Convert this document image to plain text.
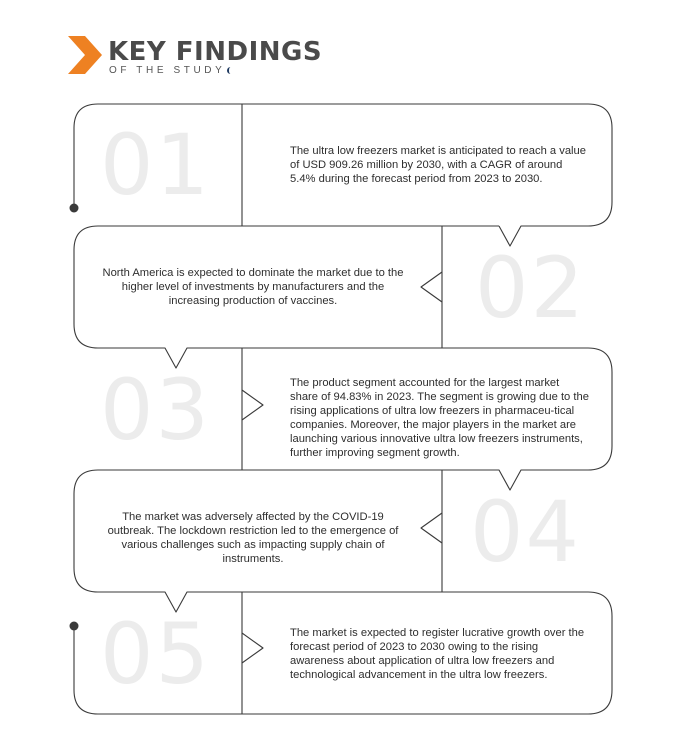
KEY FINDINGS
OF THE STUDY
01	The ultra low freezers market is anticipated to reach a value of USD 909.26 million by 2030, with a CAGR of around 5.4% during the forecast period from 2023 to 2030.
02
North America is expected to dominate the market due to the higher level of investments by manufacturers and the increasing production of vaccines.
03	The product segment accounted for the largest market share of 94.83% in 2023. The segment is growing due to the rising applications of ultra low freezers in pharmaceu-tical companies. Moreover, the major players in the market are launching various innovative ultra low freezers instruments, further improving segment growth.
04
The market was adversely affected by the COVID-19 outbreak. The lockdown restriction led to the emergence of various challenges such as impacting supply chain of instruments.
05	The market is expected to register lucrative growth over the forecast period of 2023 to 2030 owing to the rising awareness about application of ultra low freezers and technological advancement in the ultra low freezers.
